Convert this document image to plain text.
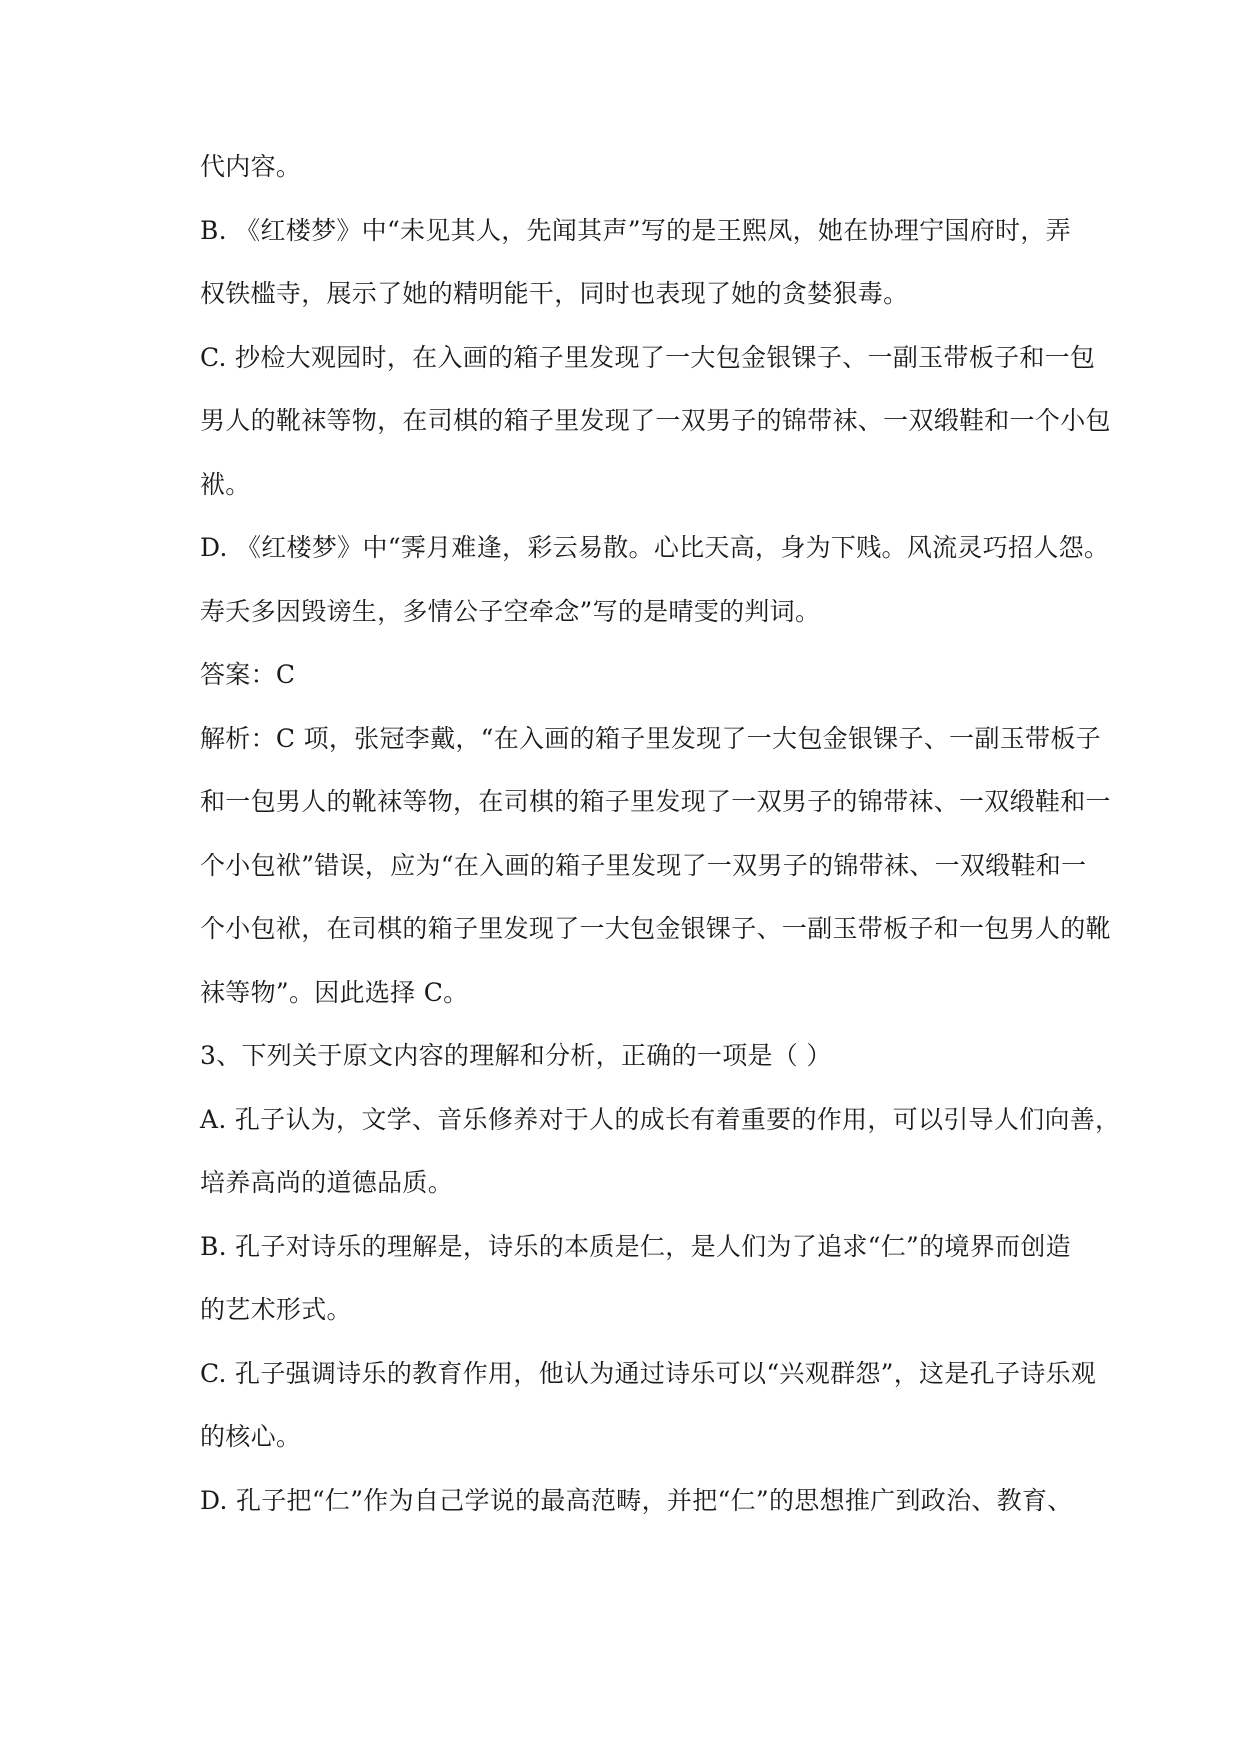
代内容。
B. 《红楼梦》中“未见其人，先闻其声”写的是王熙凤，她在协理宁国府时，弄
权铁槛寺，展示了她的精明能干，同时也表现了她的贪婪狠毒。
C. 抄检大观园时，在入画的箱子里发现了一大包金银锞子、一副玉带板子和一包
男人的靴袜等物，在司棋的箱子里发现了一双男子的锦带袜、一双缎鞋和一个小包
袱。
D. 《红楼梦》中“霁月难逢，彩云易散。心比天高，身为下贱。风流灵巧招人怨。
寿夭多因毁谤生，多情公子空牵念”写的是晴雯的判词。
答案：C
解析：C 项，张冠李戴，“在入画的箱子里发现了一大包金银锞子、一副玉带板子
和一包男人的靴袜等物，在司棋的箱子里发现了一双男子的锦带袜、一双缎鞋和一
个小包袱”错误，应为“在入画的箱子里发现了一双男子的锦带袜、一双缎鞋和一
个小包袱，在司棋的箱子里发现了一大包金银锞子、一副玉带板子和一包男人的靴
袜等物”。因此选择 C。
3、下列关于原文内容的理解和分析，正确的一项是（ ）
A. 孔子认为，文学、音乐修养对于人的成长有着重要的作用，可以引导人们向善，
培养高尚的道德品质。
B. 孔子对诗乐的理解是，诗乐的本质是仁，是人们为了追求“仁”的境界而创造
的艺术形式。
C. 孔子强调诗乐的教育作用，他认为通过诗乐可以“兴观群怨”，这是孔子诗乐观
的核心。
D. 孔子把“仁”作为自己学说的最高范畴，并把“仁”的思想推广到政治、教育、
